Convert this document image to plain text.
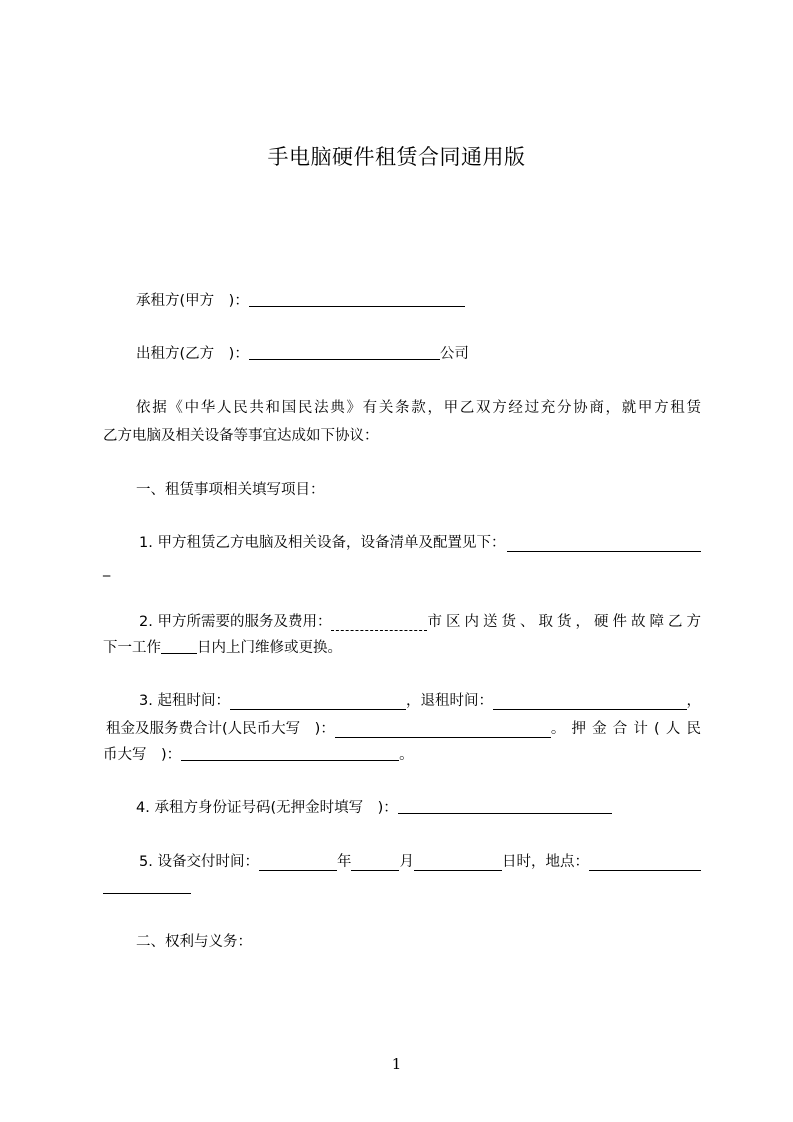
手电脑硬件租赁合同通用版
承租方(甲方　)：
出租方(乙方　)：	公司
依据《中华人民共和国民法典》有关条款，甲乙双方经过充分协商，就甲方租赁
乙方电脑及相关设备等事宜达成如下协议：
一、租赁事项相关填写项目：
1. 甲方租赁乙方电脑及相关设备，设备清单及配置见下：
_
2. 甲方所需要的服务及费用：	市区内送货、取货，硬件故障乙方
下一工作 日内上门维修或更换。
3. 起租时间：	，退租时间：	，
租金及服务费合计(人民币大写　)：	。押金合计(人民
币大写　)：	。
4. 承租方身份证号码(无押金时填写　)：
5. 设备交付时间：	年	月	日时，地点：
二、权利与义务：
1
